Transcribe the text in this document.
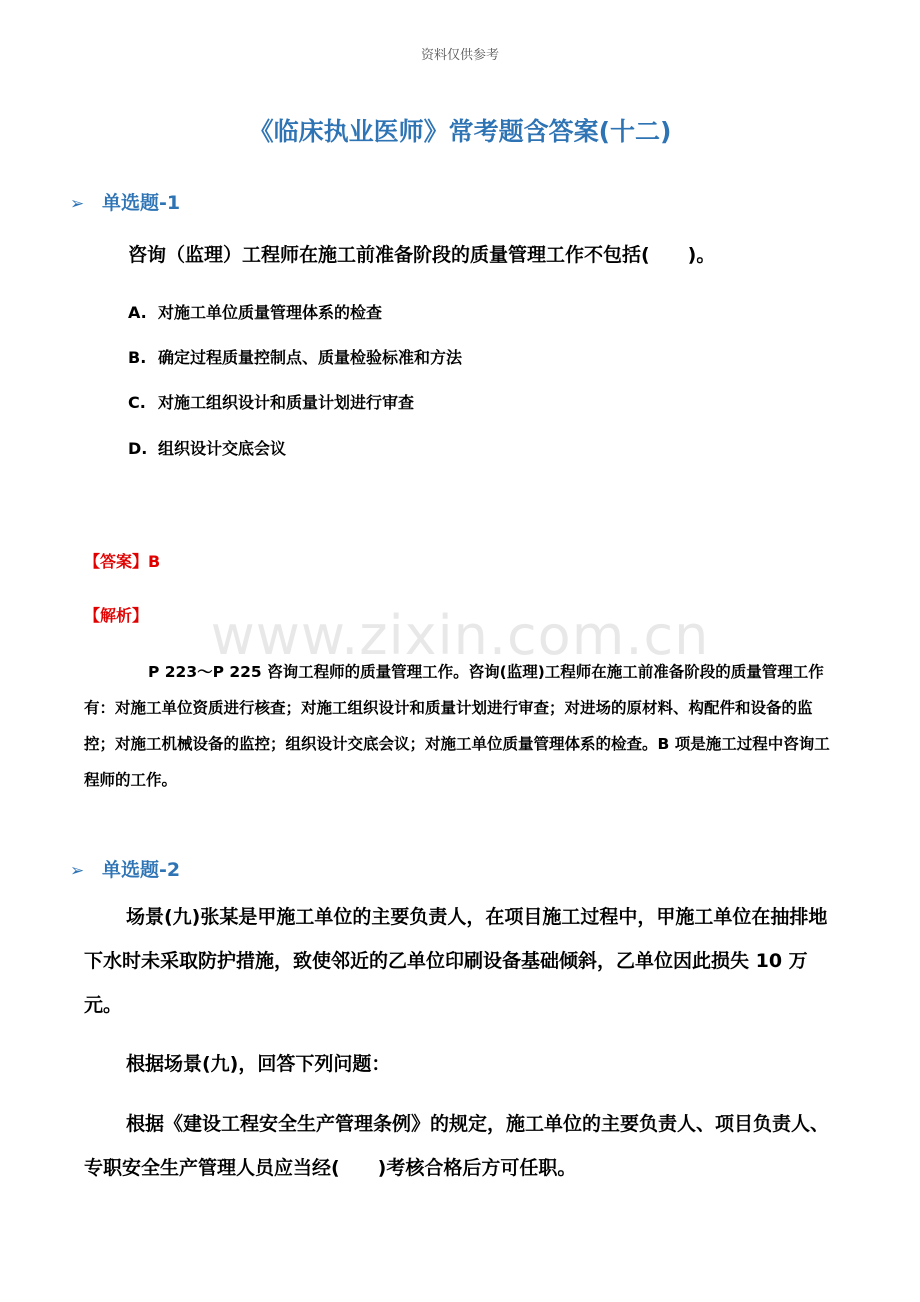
资料仅供参考
《临床执业医师》常考题含答案(十二)
www.zixin.com.cn
➢ 单选题-1
咨询（监理）工程师在施工前准备阶段的质量管理工作不包括(　　)。
A. 对施工单位质量管理体系的检查
B. 确定过程质量控制点、质量检验标准和方法
C. 对施工组织设计和质量计划进行审查
D. 组织设计交底会议
【答案】B
【解析】

P 223～P 225 咨询工程师的质量管理工作。咨询(监理)工程师在施工前准备阶段的质量管理工作有：对施工单位资质进行核查；对施工组织设计和质量计划进行审查；对进场的原材料、构配件和设备的监控；对施工机械设备的监控；组织设计交底会议；对施工单位质量管理体系的检查。B 项是施工过程中咨询工程师的工作。

➢ 单选题-2

场景(九)张某是甲施工单位的主要负责人，在项目施工过程中，甲施工单位在抽排地下水时未采取防护措施，致使邻近的乙单位印刷设备基础倾斜，乙单位因此损失 10 万元。

根据场景(九)，回答下列问题：

根据《建设工程安全生产管理条例》的规定，施工单位的主要负责人、项目负责人、专职安全生产管理人员应当经(　　)考核合格后方可任职。
